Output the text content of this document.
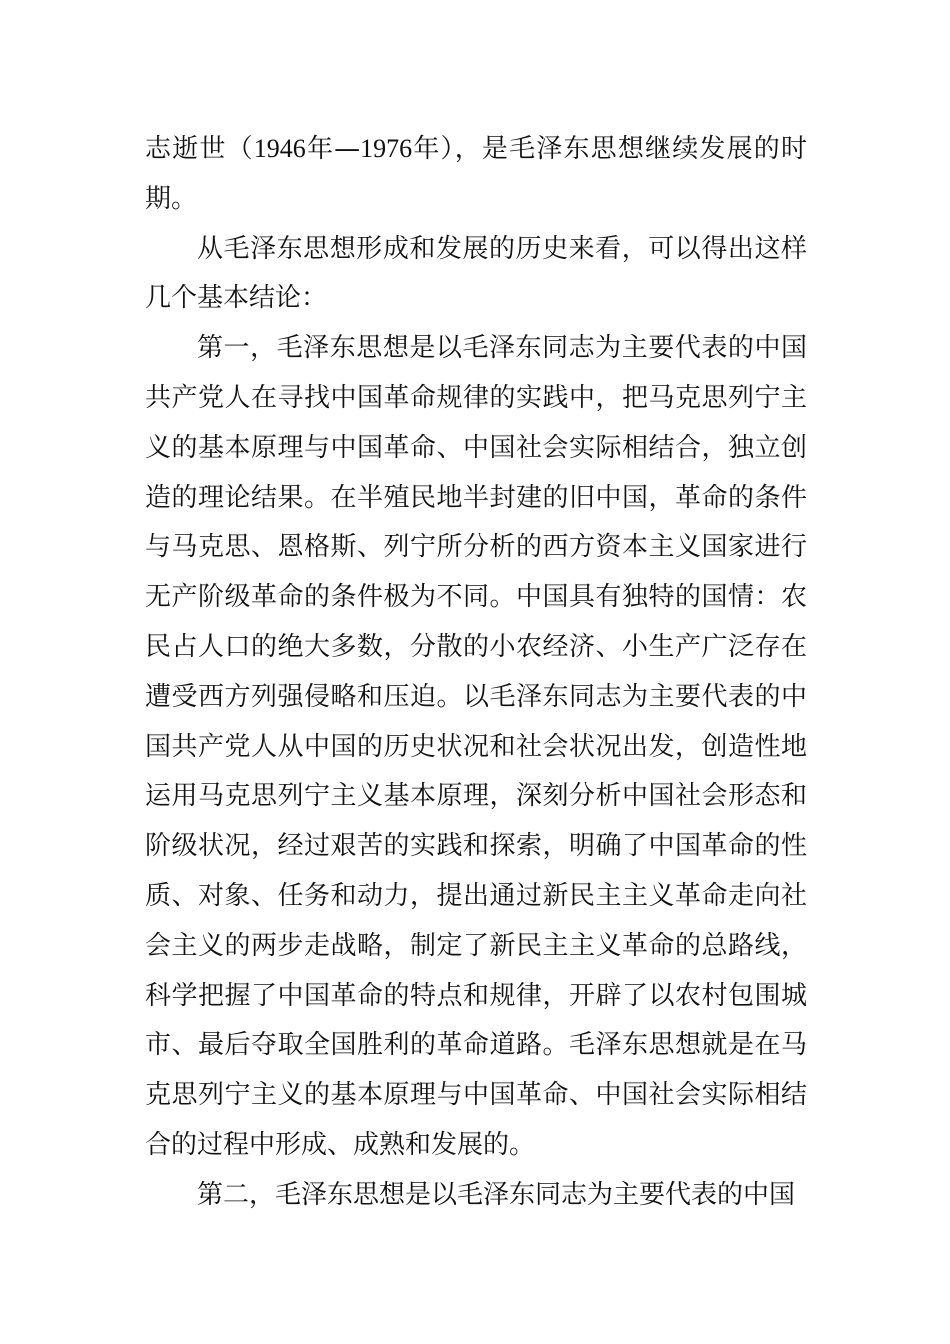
志逝世（1946年—1976年），是毛泽东思想继续发展的时期。

从毛泽东思想形成和发展的历史来看，可以得出这样几个基本结论：

第一，毛泽东思想是以毛泽东同志为主要代表的中国共产党人在寻找中国革命规律的实践中，把马克思列宁主义的基本原理与中国革命、中国社会实际相结合，独立创造的理论结果。在半殖民地半封建的旧中国，革命的条件与马克思、恩格斯、列宁所分析的西方资本主义国家进行无产阶级革命的条件极为不同。中国具有独特的国情：农民占人口的绝大多数，分散的小农经济、小生产广泛存在遭受西方列强侵略和压迫。以毛泽东同志为主要代表的中国共产党人从中国的历史状况和社会状况出发，创造性地运用马克思列宁主义基本原理，深刻分析中国社会形态和阶级状况，经过艰苦的实践和探索，明确了中国革命的性质、对象、任务和动力，提出通过新民主主义革命走向社会主义的两步走战略，制定了新民主主义革命的总路线，科学把握了中国革命的特点和规律，开辟了以农村包围城市、最后夺取全国胜利的革命道路。毛泽东思想就是在马克思列宁主义的基本原理与中国革命、中国社会实际相结合的过程中形成、成熟和发展的。

第二，毛泽东思想是以毛泽东同志为主要代表的中国
